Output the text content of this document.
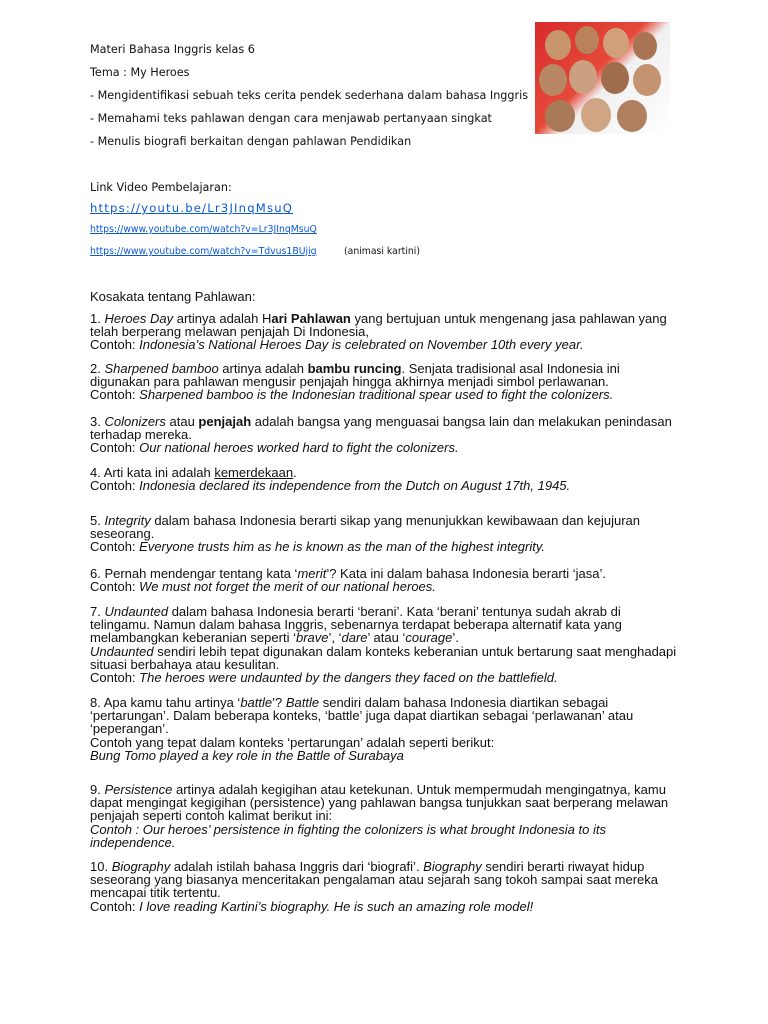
Materi Bahasa Inggris kelas 6
Tema : My Heroes
- Mengidentifikasi sebuah teks cerita pendek sederhana dalam bahasa Inggris
- Memahami teks pahlawan dengan cara menjawab pertanyaan singkat
- Menulis biografi berkaitan dengan pahlawan Pendidikan
Link Video Pembelajaran:
https://youtu.be/Lr3JInqMsuQ
https://www.youtube.com/watch?v=Lr3JInqMsuQ
https://www.youtube.com/watch?v=Tdvus1BUjig	(animasi kartini)
Kosakata tentang Pahlawan:

1. Heroes Day artinya adalah Hari Pahlawan yang bertujuan untuk mengenang jasa pahlawan yang telah berperang melawan penjajah Di Indonesia,

Contoh: Indonesia’s National Heroes Day is celebrated on November 10th every year.

2. Sharpened bamboo artinya adalah bambu runcing. Senjata tradisional asal Indonesia ini digunakan para pahlawan mengusir penjajah hingga akhirnya menjadi simbol perlawanan.

Contoh: Sharpened bamboo is the Indonesian traditional spear used to fight the colonizers.

3. Colonizers atau penjajah adalah bangsa yang menguasai bangsa lain dan melakukan penindasan terhadap mereka.

Contoh: Our national heroes worked hard to fight the colonizers.

4. Arti kata ini adalah kemerdekaan.

Contoh: Indonesia declared its independence from the Dutch on August 17th, 1945.

5. Integrity dalam bahasa Indonesia berarti sikap yang menunjukkan kewibawaan dan kejujuran seseorang.

Contoh: Everyone trusts him as he is known as the man of the highest integrity.

6. Pernah mendengar tentang kata ‘merit’? Kata ini dalam bahasa Indonesia berarti ‘jasa’.

Contoh: We must not forget the merit of our national heroes.

7. Undaunted dalam bahasa Indonesia berarti ‘berani’. Kata ‘berani’ tentunya sudah akrab di telingamu. Namun dalam bahasa Inggris, sebenarnya terdapat beberapa alternatif kata yang melambangkan keberanian seperti ‘brave’, ‘dare’ atau ‘courage’.

Undaunted sendiri lebih tepat digunakan dalam konteks keberanian untuk bertarung saat menghadapi situasi berbahaya atau kesulitan.

Contoh: The heroes were undaunted by the dangers they faced on the battlefield.

8. Apa kamu tahu artinya ‘battle’? Battle sendiri dalam bahasa Indonesia diartikan sebagai ‘pertarungan’. Dalam beberapa konteks, ‘battle’ juga dapat diartikan sebagai ‘perlawanan’ atau ‘peperangan’.

Contoh yang tepat dalam konteks ‘pertarungan’ adalah seperti berikut:

Bung Tomo played a key role in the Battle of Surabaya

9. Persistence artinya adalah kegigihan atau ketekunan. Untuk mempermudah mengingatnya, kamu dapat mengingat kegigihan (persistence) yang pahlawan bangsa tunjukkan saat berperang melawan penjajah seperti contoh kalimat berikut ini:

Contoh : Our heroes’ persistence in fighting the colonizers is what brought Indonesia to its independence.

10. Biography adalah istilah bahasa Inggris dari ‘biografi’. Biography sendiri berarti riwayat hidup seseorang yang biasanya menceritakan pengalaman atau sejarah sang tokoh sampai saat mereka mencapai titik tertentu.

Contoh: I love reading Kartini’s biography. He is such an amazing role model!
